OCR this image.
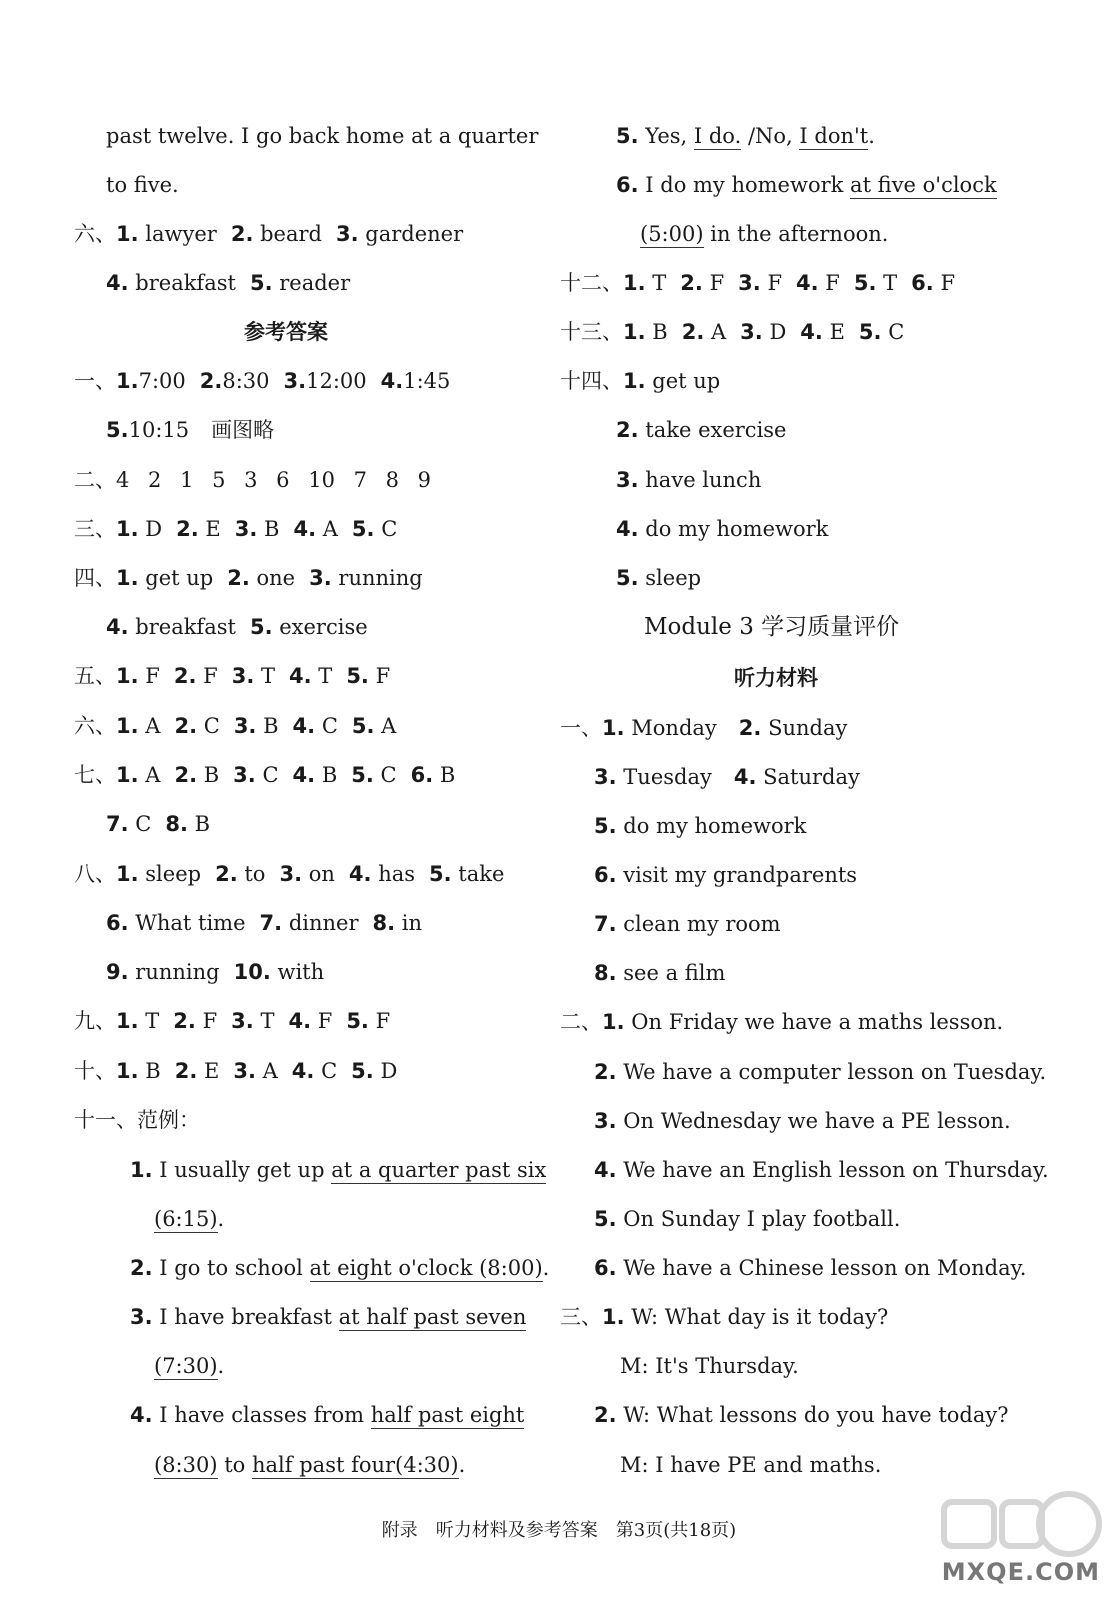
past twelve. I go back home at a quarter
to five.
六、1. lawyer 2. beard 3. gardener
4. breakfast 5. reader
参考答案
一、1.7:00 2.8:30 3.12:00 4.1:45
5.10:15 画图略
二、4 2 1 5 3 6 10 7 8 9
三、1. D 2. E 3. B 4. A 5. C
四、1. get up 2. one 3. running
4. breakfast 5. exercise
五、1. F 2. F 3. T 4. T 5. F
六、1. A 2. C 3. B 4. C 5. A
七、1. A 2. B 3. C 4. B 5. C 6. B
7. C 8. B
八、1. sleep 2. to 3. on 4. has 5. take
6. What time 7. dinner 8. in
9. running 10. with
九、1. T 2. F 3. T 4. F 5. F
十、1. B 2. E 3. A 4. C 5. D
十一、范例：
1. I usually get up at a quarter past six
(6:15).
2. I go to school at eight o'clock (8:00).
3. I have breakfast at half past seven
(7:30).
4. I have classes from half past eight
(8:30) to half past four(4:30).
5. Yes, I do. /No, I don't.
6. I do my homework at five o'clock
(5:00) in the afternoon.
十二、1. T 2. F 3. F 4. F 5. T 6. F
十三、1. B 2. A 3. D 4. E 5. C
十四、1. get up
2. take exercise
3. have lunch
4. do my homework
5. sleep
Module 3 学习质量评价
听力材料
一、1. Monday 2. Sunday
3. Tuesday 4. Saturday
5. do my homework
6. visit my grandparents
7. clean my room
8. see a film
二、1. On Friday we have a maths lesson.
2. We have a computer lesson on Tuesday.
3. On Wednesday we have a PE lesson.
4. We have an English lesson on Thursday.
5. On Sunday I play football.
6. We have a Chinese lesson on Monday.
三、1. W: What day is it today?
M: It's Thursday.
2. W: What lessons do you have today?
M: I have PE and maths.
附录　听力材料及参考答案　第3页(共18页)
MXQE.COM
